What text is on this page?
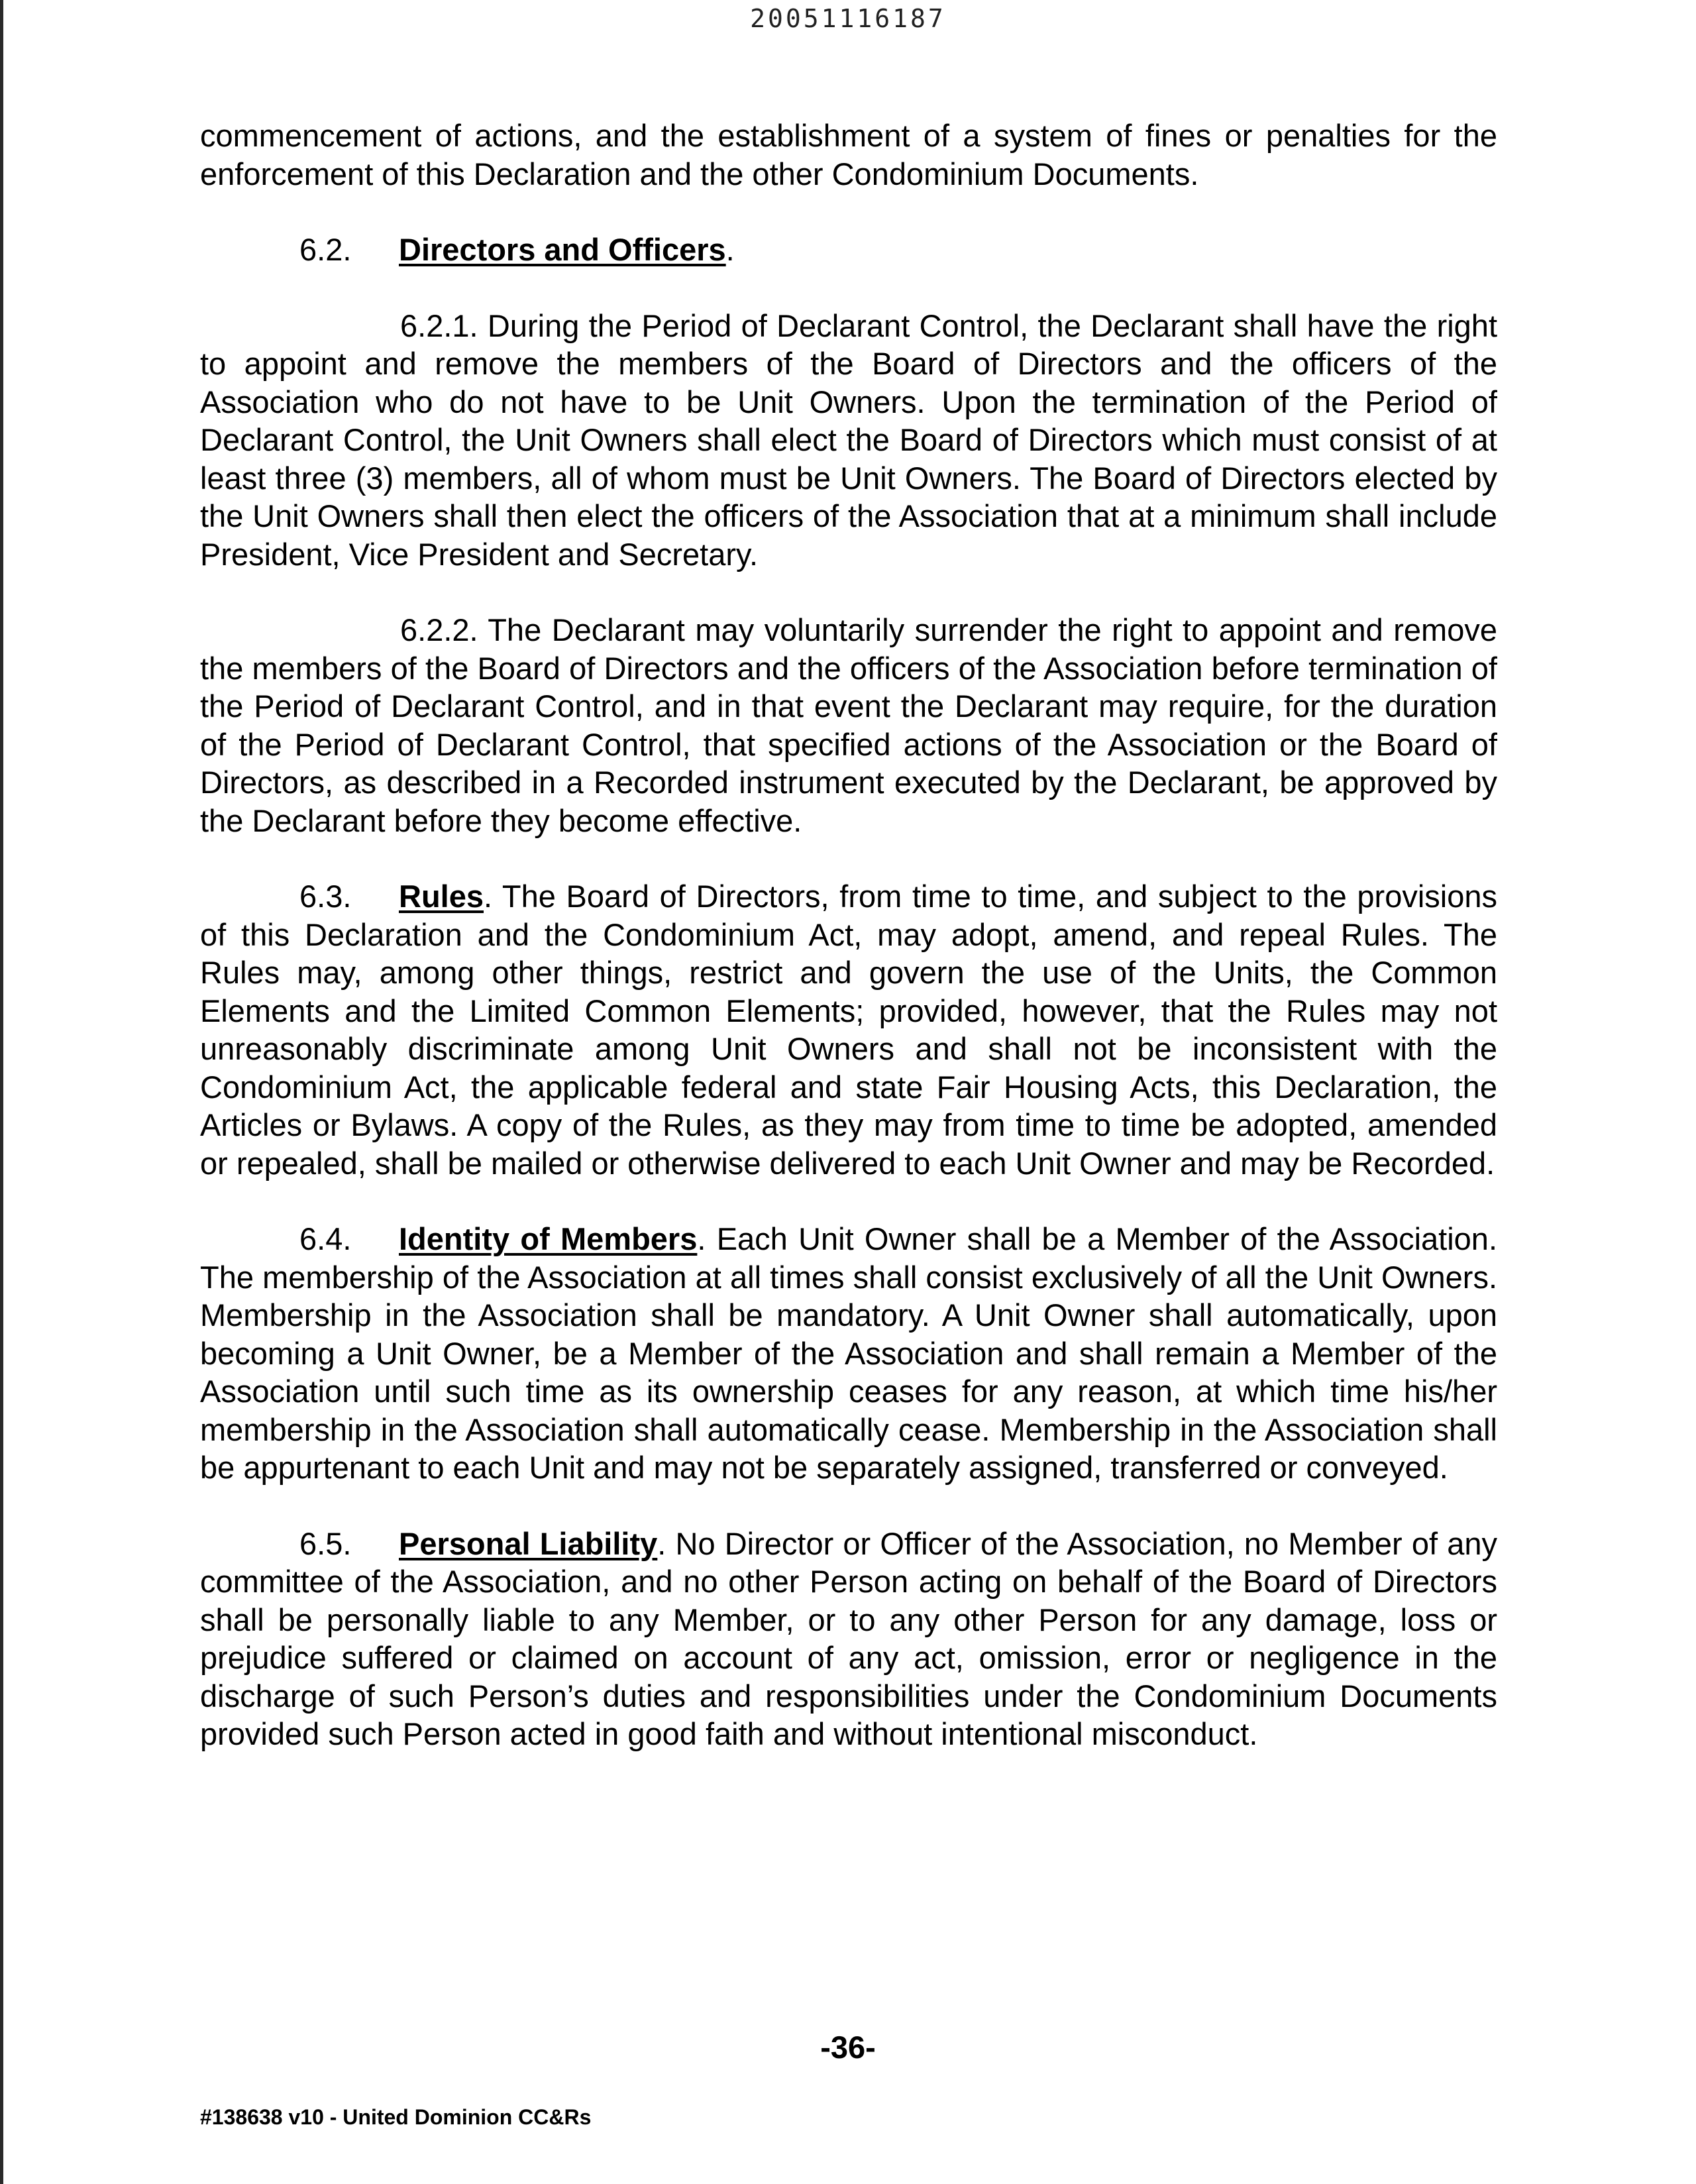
20051116187

commencement of actions, and the establishment of a system of fines or penalties for the enforcement of this Declaration and the other Condominium Documents.

6.2. Directors and Officers.

6.2.1. During the Period of Declarant Control, the Declarant shall have the right to appoint and remove the members of the Board of Directors and the officers of the Association who do not have to be Unit Owners. Upon the termination of the Period of Declarant Control, the Unit Owners shall elect the Board of Directors which must consist of at least three (3) members, all of whom must be Unit Owners. The Board of Directors elected by the Unit Owners shall then elect the officers of the Association that at a minimum shall include President, Vice President and Secretary.

6.2.2. The Declarant may voluntarily surrender the right to appoint and remove the members of the Board of Directors and the officers of the Association before termination of the Period of Declarant Control, and in that event the Declarant may require, for the duration of the Period of Declarant Control, that specified actions of the Association or the Board of Directors, as described in a Recorded instrument executed by the Declarant, be approved by the Declarant before they become effective.

6.3. Rules. The Board of Directors, from time to time, and subject to the provisions of this Declaration and the Condominium Act, may adopt, amend, and repeal Rules. The Rules may, among other things, restrict and govern the use of the Units, the Common Elements and the Limited Common Elements; provided, however, that the Rules may not unreasonably discriminate among Unit Owners and shall not be inconsistent with the Condominium Act, the applicable federal and state Fair Housing Acts, this Declaration, the Articles or Bylaws. A copy of the Rules, as they may from time to time be adopted, amended or repealed, shall be mailed or otherwise delivered to each Unit Owner and may be Recorded.

6.4. Identity of Members. Each Unit Owner shall be a Member of the Association. The membership of the Association at all times shall consist exclusively of all the Unit Owners. Membership in the Association shall be mandatory. A Unit Owner shall automatically, upon becoming a Unit Owner, be a Member of the Association and shall remain a Member of the Association until such time as its ownership ceases for any reason, at which time his/her membership in the Association shall automatically cease. Membership in the Association shall be appurtenant to each Unit and may not be separately assigned, transferred or conveyed.

6.5. Personal Liability. No Director or Officer of the Association, no Member of any committee of the Association, and no other Person acting on behalf of the Board of Directors shall be personally liable to any Member, or to any other Person for any damage, loss or prejudice suffered or claimed on account of any act, omission, error or negligence in the discharge of such Person’s duties and responsibilities under the Condominium Documents provided such Person acted in good faith and without intentional misconduct.

-36-
#138638 v10 - United Dominion CC&Rs
